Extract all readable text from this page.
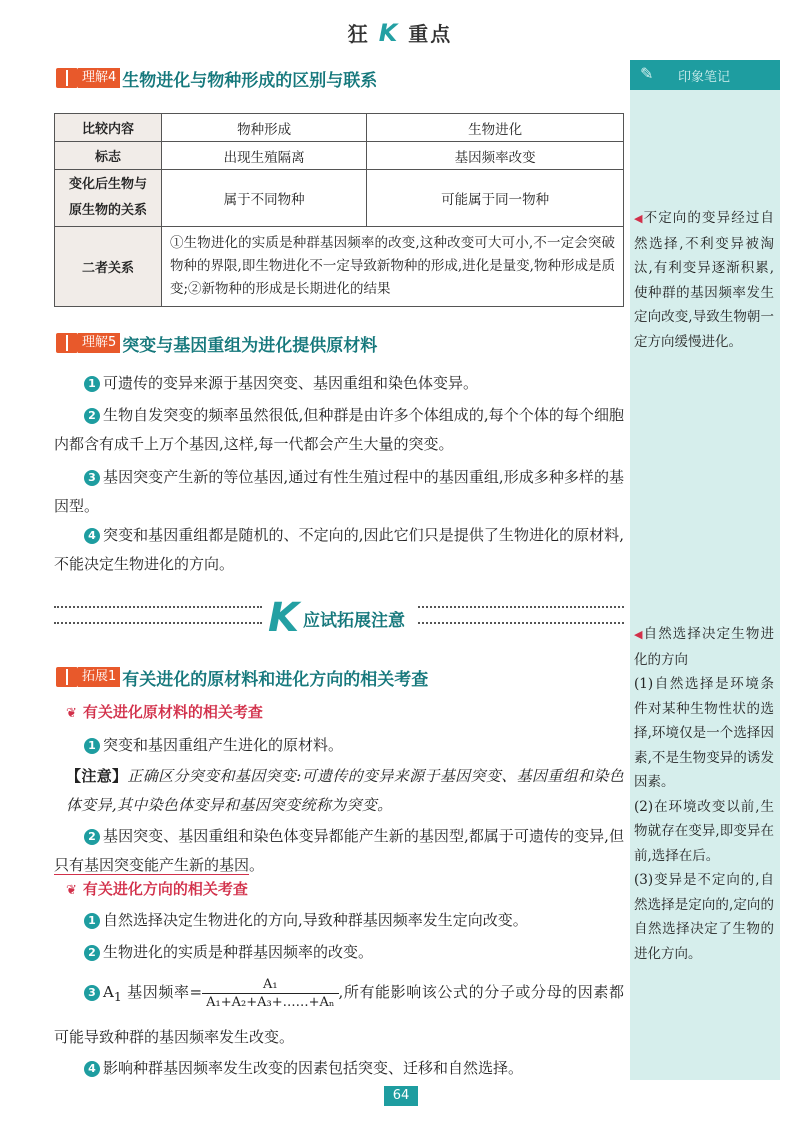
狂 K 重点
✎ 印象笔记
◀不定向的变异经过自然选择,不利变异被淘汰,有利变异逐渐积累,使种群的基因频率发生定向改变,导致生物朝一定方向缓慢进化。
◀自然选择决定生物进化的方向
(1)自然选择是环境条件对某种生物性状的选择,环境仅是一个选择因素,不是生物变异的诱发因素。
(2)在环境改变以前,生物就存在变异,即变异在前,选择在后。
(3)变异是不定向的,自然选择是定向的,定向的自然选择决定了生物的进化方向。
理解4 生物进化与物种形成的区别与联系
比较内容	物种形成	生物进化
标志	出现生殖隔离	基因频率改变
变化后生物与原生物的关系	属于不同物种	可能属于同一物种
二者关系	①生物进化的实质是种群基因频率的改变,这种改变可大可小,不一定会突破物种的界限,即生物进化不一定导致新物种的形成,进化是量变,物种形成是质变;②新物种的形成是长期进化的结果	
理解5 突变与基因重组为进化提供原材料
1 可遗传的变异来源于基因突变、基因重组和染色体变异。
2 生物自发突变的频率虽然很低,但种群是由许多个体组成的,每个个体的每个细胞内都含有成千上万个基因,这样,每一代都会产生大量的突变。
3 基因突变产生新的等位基因,通过有性生殖过程中的基因重组,形成多种多样的基因型。
4 突变和基因重组都是随机的、不定向的,因此它们只是提供了生物进化的原材料,不能决定生物进化的方向。
K 应试拓展注意
拓展1 有关进化的原材料和进化方向的相关考查
❦ 有关进化原材料的相关考查
1 突变和基因重组产生进化的原材料。
【注意】正确区分突变和基因突变:可遗传的变异来源于基因突变、基因重组和染色体变异,其中染色体变异和基因突变统称为突变。
2 基因突变、基因重组和染色体变异都能产生新的基因型,都属于可遗传的变异,但只有基因突变能产生新的基因。
❦ 有关进化方向的相关考查
1 自然选择决定生物进化的方向,导致种群基因频率发生定向改变。
2 生物进化的实质是种群基因频率的改变。
3 $A_1$ 基因频率= $\frac{\text{A₁}}{\text{A₁+A₂+A₃+……+Aₙ}}$ ,所有能影响该公式的分子或分母的因素都可能导致种群的基因频率发生改变。
4 影响种群基因频率发生改变的因素包括突变、迁移和自然选择。
64
